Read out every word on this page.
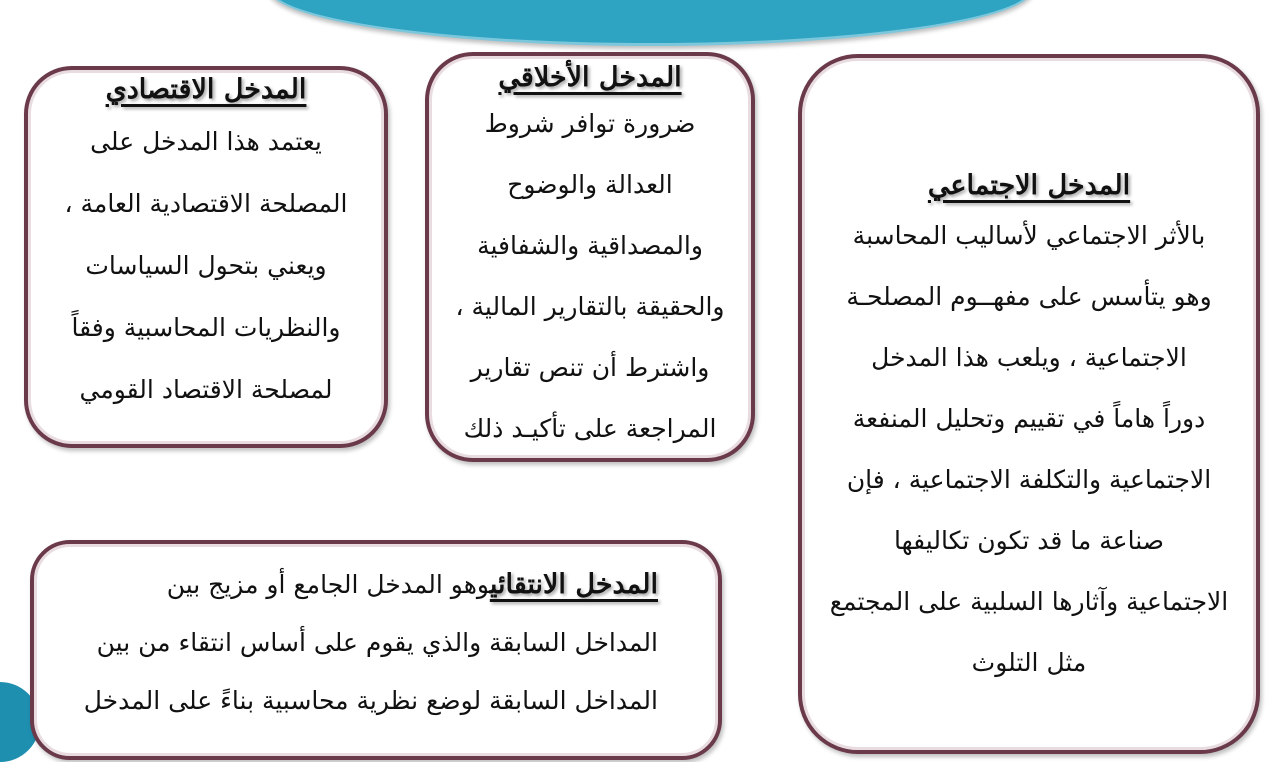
المدخل الاقتصادي
يعتمد هذا المدخل على
المصلحة الاقتصادية العامة ،
ويعني بتحول السياسات
والنظريات المحاسبية وفقاً
لمصلحة الاقتصاد القومي
المدخل الأخلاقي
ضرورة توافر شروط
العدالة والوضوح
والمصداقية والشفافية
والحقيقة بالتقارير المالية ،
واشترط أن تنص تقارير
المراجعة على تأكيـد ذلك
المدخل الاجتماعي
بالأثر الاجتماعي لأساليب المحاسبة
وهو يتأسس على مفهــوم المصلحـة
الاجتماعية ، ويلعب هذا المدخل
دوراً هاماً في تقييم وتحليل المنفعة
الاجتماعية والتكلفة الاجتماعية ، فإن
صناعة ما قد تكون تكاليفها
الاجتماعية وآثارها السلبية على المجتمع
مثل التلوث
المدخل الانتقائيوهو المدخل الجامع أو مزيج بين
المداخل السابقة والذي يقوم على أساس انتقاء من بين
المداخل السابقة لوضع نظرية محاسبية بناءً على المدخل
